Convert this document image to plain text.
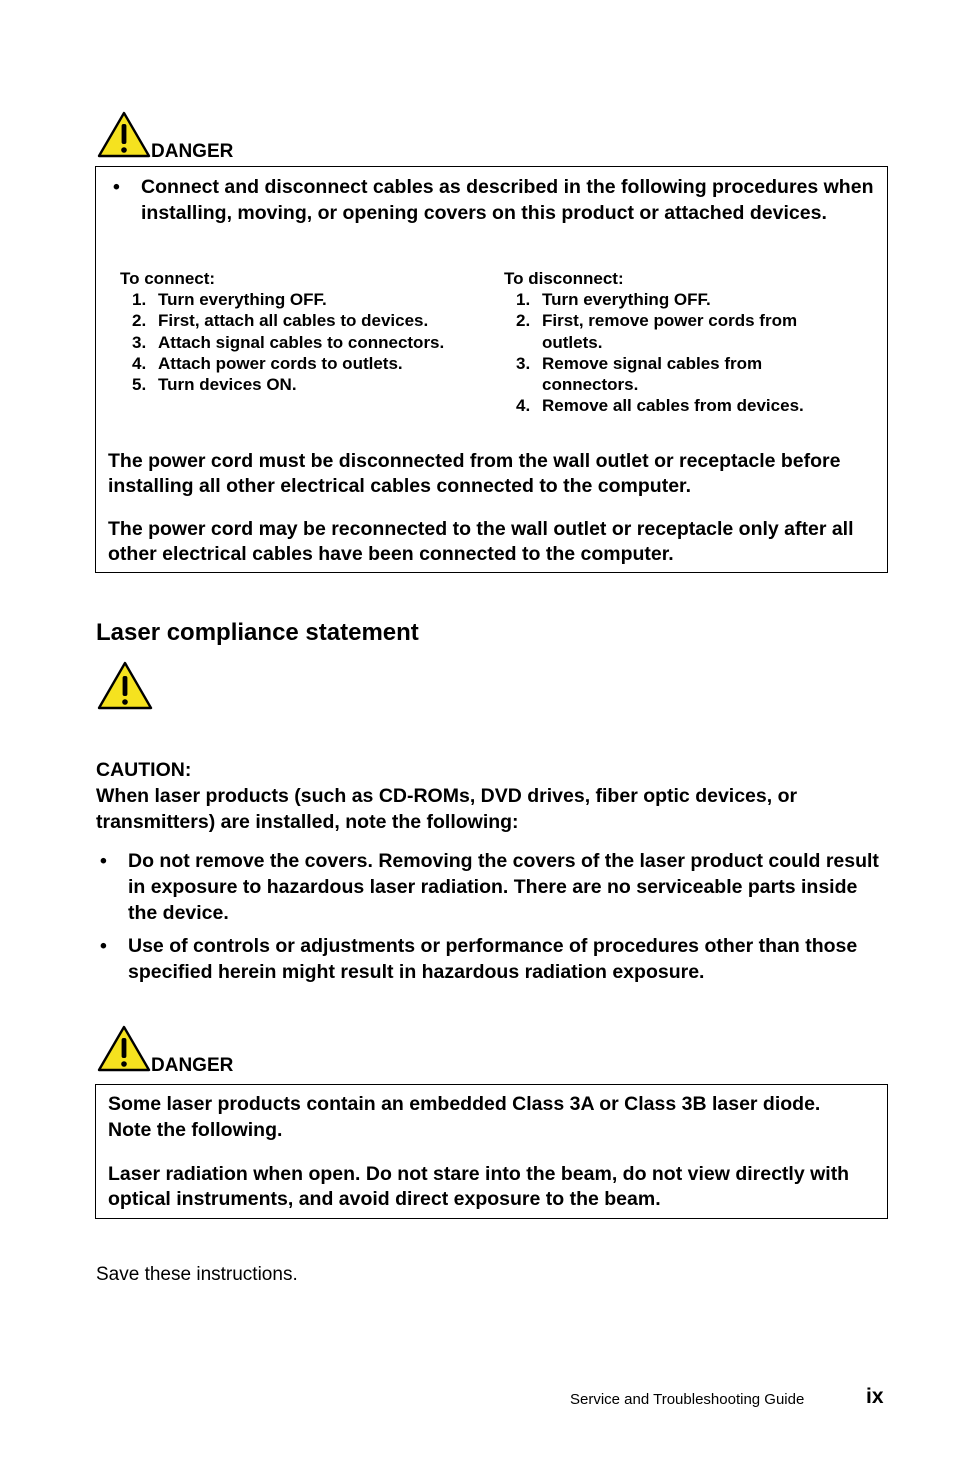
DANGER
• Connect and disconnect cables as described in the following procedures when installing, moving, or opening covers on this product or attached devices.
To connect:
1. Turn everything OFF.
2. First, attach all cables to devices.
3. Attach signal cables to connectors.
4. Attach power cords to outlets.
5. Turn devices ON.
To disconnect:
1. Turn everything OFF.
2. First, remove power cords from outlets.
3. Remove signal cables from connectors.
4. Remove all cables from devices.
The power cord must be disconnected from the wall outlet or receptacle before installing all other electrical cables connected to the computer.
The power cord may be reconnected to the wall outlet or receptacle only after all other electrical cables have been connected to the computer.
Laser compliance statement
CAUTION:
When laser products (such as CD-ROMs, DVD drives, fiber optic devices, or transmitters) are installed, note the following:
• Do not remove the covers. Removing the covers of the laser product could result in exposure to hazardous laser radiation. There are no serviceable parts inside the device.
• Use of controls or adjustments or performance of procedures other than those specified herein might result in hazardous radiation exposure.
DANGER
Some laser products contain an embedded Class 3A or Class 3B laser diode. Note the following.
Laser radiation when open. Do not stare into the beam, do not view directly with optical instruments, and avoid direct exposure to the beam.
Save these instructions.
Service and Troubleshooting Guide	ix
